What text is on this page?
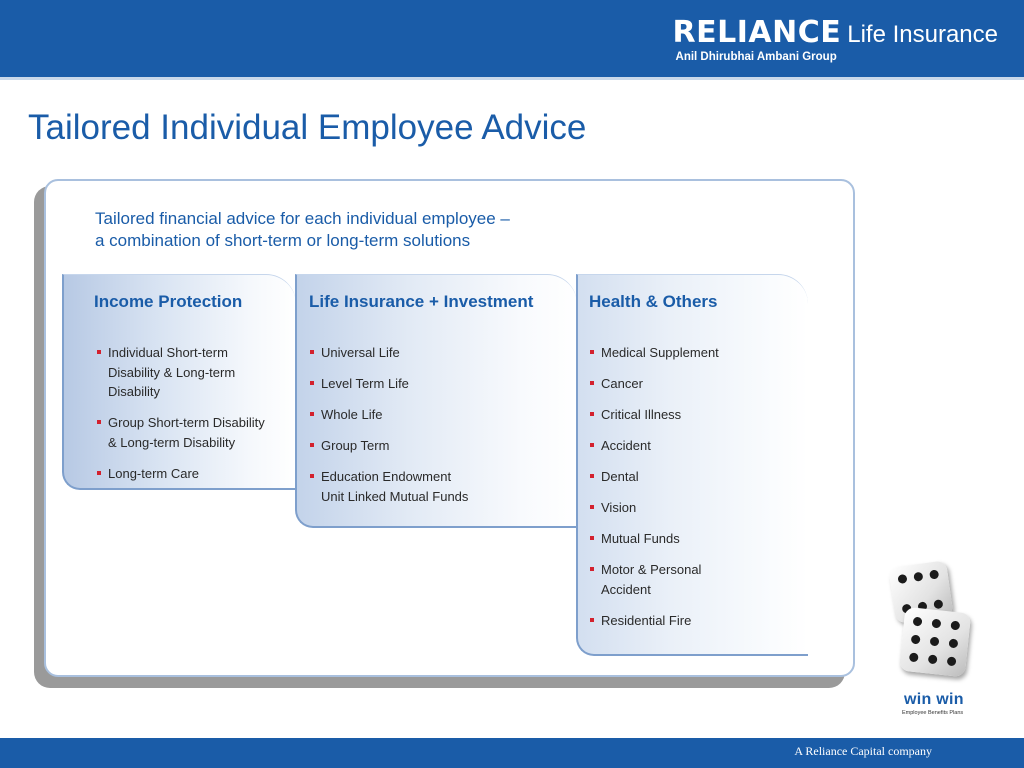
RELIANCE Life Insurance
Anil Dhirubhai Ambani Group
Tailored Individual Employee Advice
Tailored financial advice for each individual employee –
a combination of short-term or long-term solutions
Income Protection
Individual Short-term
Disability & Long-term
Disability
Group Short-term Disability
& Long-term Disability
Long-term Care
Life Insurance + Investment
Universal Life
Level Term Life
Whole Life
Group Term
Education Endowment
Unit Linked Mutual Funds
Health & Others
Medical Supplement
Cancer
Critical Illness
Accident
Dental
Vision
Mutual Funds
Motor & Personal
Accident
Residential Fire
win win
Employee Benefits Plans
A Reliance Capital company
